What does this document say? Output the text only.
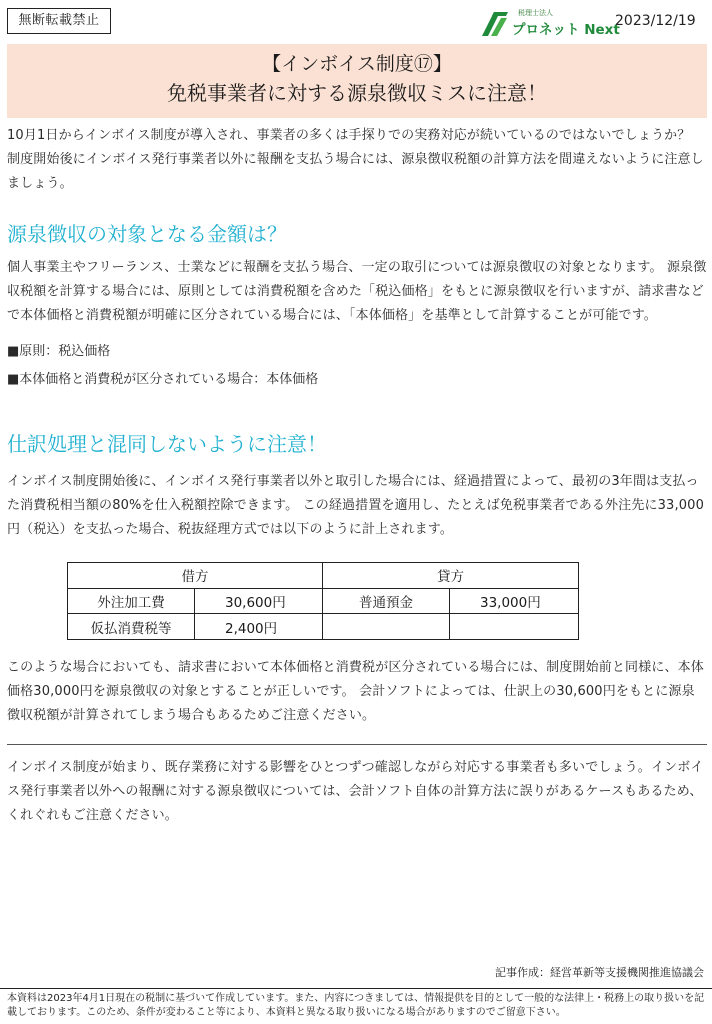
無断転載禁止	税理士法人
プロネット Next
2023/12/19
【インボイス制度⑰】
免税事業者に対する源泉徴収ミスに注意！
10月1日からインボイス制度が導入され、事業者の多くは手探りでの実務対応が続いているのではないでしょうか？　制度開始後にインボイス発行事業者以外に報酬を支払う場合には、源泉徴収税額の計算方法を間違えないように注意しましょう。
源泉徴収の対象となる金額は？
個人事業主やフリーランス、士業などに報酬を支払う場合、一定の取引については源泉徴収の対象となります。 源泉徴収税額を計算する場合には、原則としては消費税額を含めた「税込価格」をもとに源泉徴収を行いますが、請求書などで本体価格と消費税額が明確に区分されている場合には、「本体価格」を基準として計算することが可能です。
■原則：税込価格
■本体価格と消費税が区分されている場合：本体価格
仕訳処理と混同しないように注意！
インボイス制度開始後に、インボイス発行事業者以外と取引した場合には、経過措置によって、最初の3年間は支払った消費税相当額の80%を仕入税額控除できます。 この経過措置を適用し、たとえば免税事業者である外注先に33,000円（税込）を支払った場合、税抜経理方式では以下のように計上されます。
借方		貸方	
外注加工費	30,600円	普通預金	33,000円
仮払消費税等	2,400円		
このような場合においても、請求書において本体価格と消費税が区分されている場合には、制度開始前と同様に、本体価格30,000円を源泉徴収の対象とすることが正しいです。 会計ソフトによっては、仕訳上の30,600円をもとに源泉徴収税額が計算されてしまう場合もあるためご注意ください。
インボイス制度が始まり、既存業務に対する影響をひとつずつ確認しながら対応する事業者も多いでしょう。インボイス発行事業者以外への報酬に対する源泉徴収については、会計ソフト自体の計算方法に誤りがあるケースもあるため、くれぐれもご注意ください。
記事作成：経営革新等支援機関推進協議会
本資料は2023年4月1日現在の税制に基づいて作成しています。また、内容につきましては、情報提供を目的として一般的な法律上・税務上の取り扱いを記載しております。このため、条件が変わること等により、本資料と異なる取り扱いになる場合がありますのでご留意下さい。
